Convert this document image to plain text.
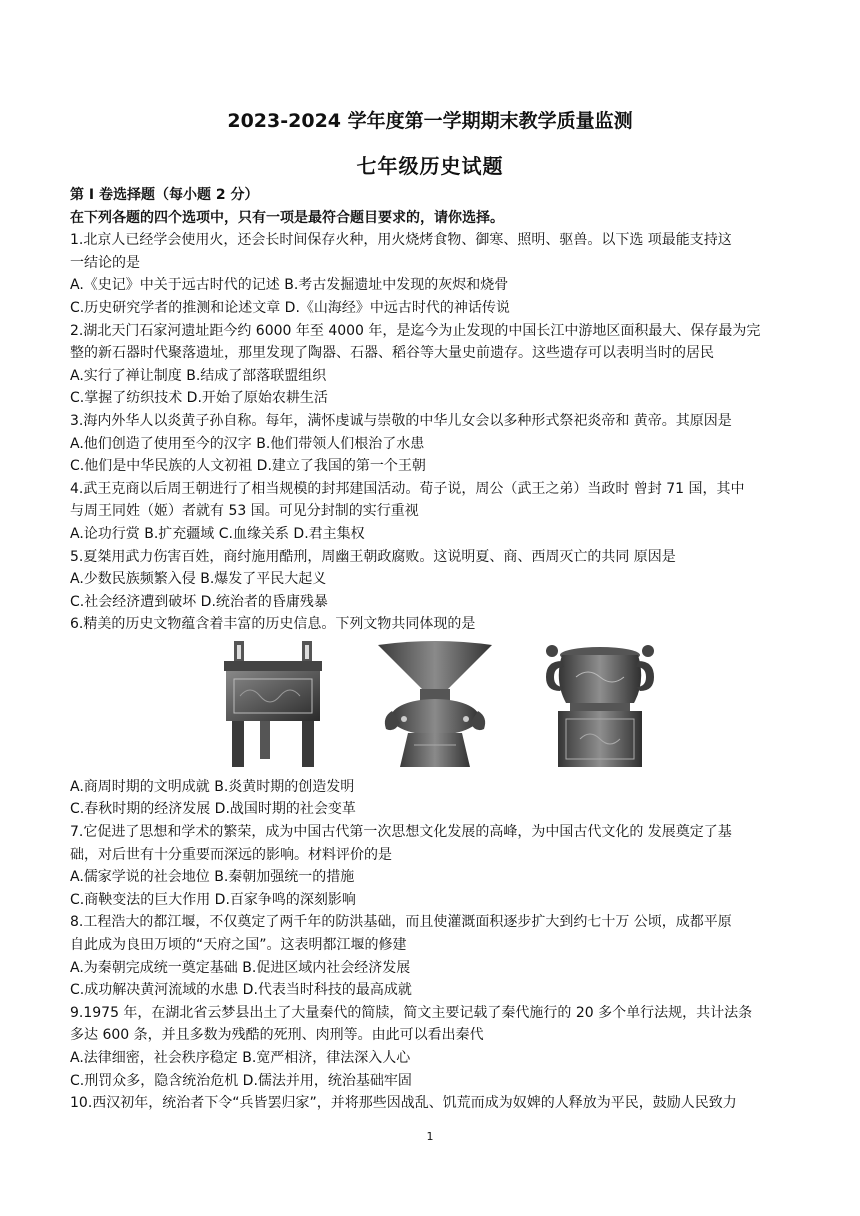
2023-2024 学年度第一学期期末教学质量监测
七年级历史试题

第 I 卷选择题（每小题 2 分）

在下列各题的四个选项中，只有一项是最符合题目要求的，请你选择。

1.北京人已经学会使用火，还会长时间保存火种，用火烧烤食物、御寒、照明、驱兽。以下选 项最能支持这

一结论的是

A.《史记》中关于远古时代的记述 B.考古发掘遗址中发现的灰烬和烧骨

C.历史研究学者的推测和论述文章 D.《山海经》中远古时代的神话传说

2.湖北天门石家河遗址距今约 6000 年至 4000 年，是迄今为止发现的中国长江中游地区面积最大、保存最为完

整的新石器时代聚落遗址，那里发现了陶器、石器、稻谷等大量史前遗存。这些遗存可以表明当时的居民

A.实行了禅让制度 B.结成了部落联盟组织

C.掌握了纺织技术 D.开始了原始农耕生活

3.海内外华人以炎黄子孙自称。每年，满怀虔诚与崇敬的中华儿女会以多种形式祭祀炎帝和 黄帝。其原因是

A.他们创造了使用至今的汉字 B.他们带领人们根治了水患

C.他们是中华民族的人文初祖 D.建立了我国的第一个王朝

4.武王克商以后周王朝进行了相当规模的封邦建国活动。荀子说，周公（武王之弟）当政时 曾封 71 国，其中

与周王同姓（姬）者就有 53 国。可见分封制的实行重视

A.论功行赏 B.扩充疆域 C.血缘关系 D.君主集权

5.夏桀用武力伤害百姓，商纣施用酷刑，周幽王朝政腐败。这说明夏、商、西周灭亡的共同 原因是

A.少数民族频繁入侵 B.爆发了平民大起义

C.社会经济遭到破坏 D.统治者的昏庸残暴

6.精美的历史文物蕴含着丰富的历史信息。下列文物共同体现的是

A.商周时期的文明成就 B.炎黄时期的创造发明

C.春秋时期的经济发展 D.战国时期的社会变革

7.它促进了思想和学术的繁荣，成为中国古代第一次思想文化发展的高峰，为中国古代文化的 发展奠定了基

础，对后世有十分重要而深远的影响。材料评价的是

A.儒家学说的社会地位 B.秦朝加强统一的措施

C.商鞅变法的巨大作用 D.百家争鸣的深刻影响

8.工程浩大的都江堰，不仅奠定了两千年的防洪基础，而且使灌溉面积逐步扩大到约七十万 公顷，成都平原

自此成为良田万顷的“天府之国”。这表明都江堰的修建

A.为秦朝完成统一奠定基础 B.促进区域内社会经济发展

C.成功解决黄河流域的水患 D.代表当时科技的最高成就

9.1975 年，在湖北省云梦县出土了大量秦代的简牍，简文主要记载了秦代施行的 20 多个单行法规，共计法条

多达 600 条，并且多数为残酷的死刑、肉刑等。由此可以看出秦代

A.法律细密，社会秩序稳定 B.宽严相济，律法深入人心

C.刑罚众多，隐含统治危机 D.儒法并用，统治基础牢固

10.西汉初年，统治者下令“兵皆罢归家”，并将那些因战乱、饥荒而成为奴婢的人释放为平民，鼓励人民致力

1
